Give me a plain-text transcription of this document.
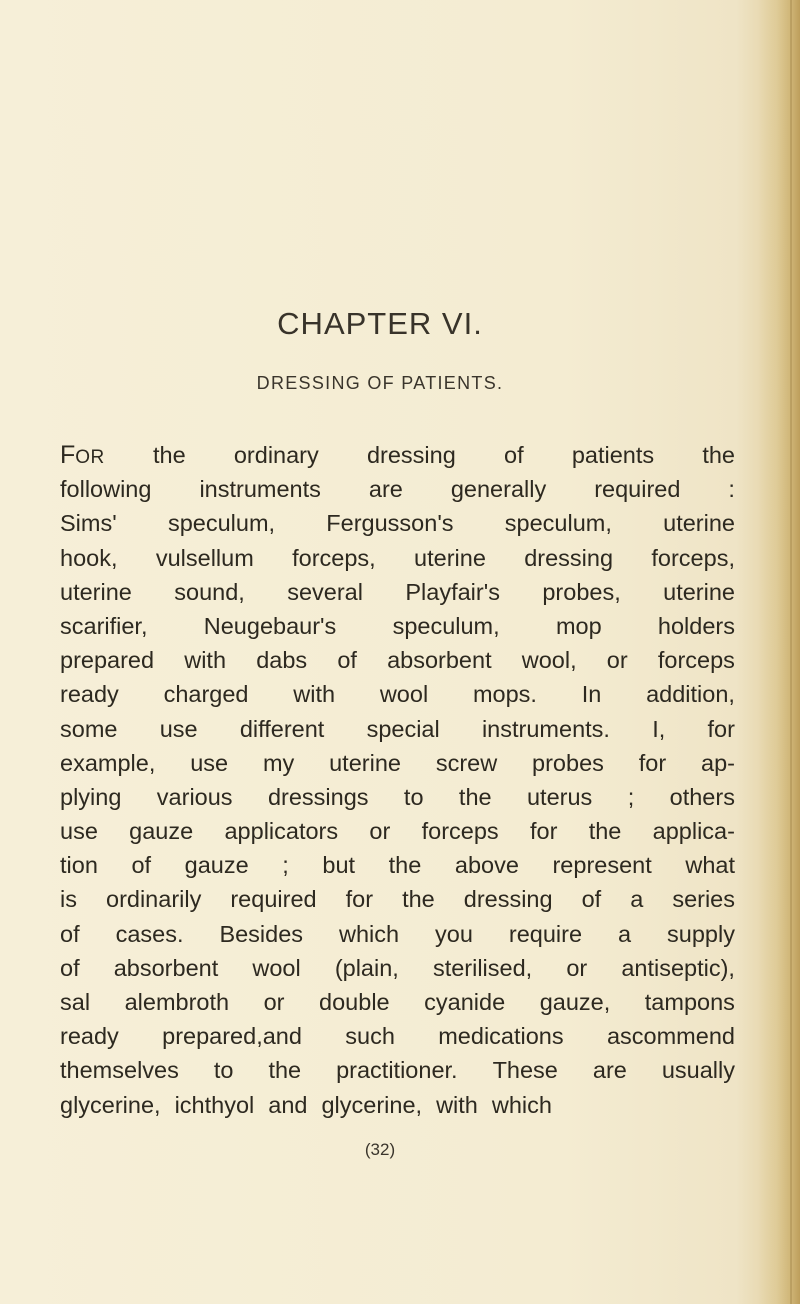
CHAPTER VI.
DRESSING OF PATIENTS.
FOR the ordinary dressing of patients the
following instruments are generally required :
Sims' speculum, Fergusson's speculum, uterine
hook, vulsellum forceps, uterine dressing forceps,
uterine sound, several Playfair's probes, uterine
scarifier, Neugebaur's speculum, mop holders
prepared with dabs of absorbent wool, or forceps
ready charged with wool mops. In addition,
some use different special instruments. I, for
example, use my uterine screw probes for ap-
plying various dressings to the uterus ; others
use gauze applicators or forceps for the applica-
tion of gauze ; but the above represent what
is ordinarily required for the dressing of a series
of cases. Besides which you require a supply
of absorbent wool (plain, sterilised, or antiseptic),
sal alembroth or double cyanide gauze, tampons
ready prepared,and such medications ascommend
themselves to the practitioner. These are usually
glycerine, ichthyol and glycerine, with which
(32)
